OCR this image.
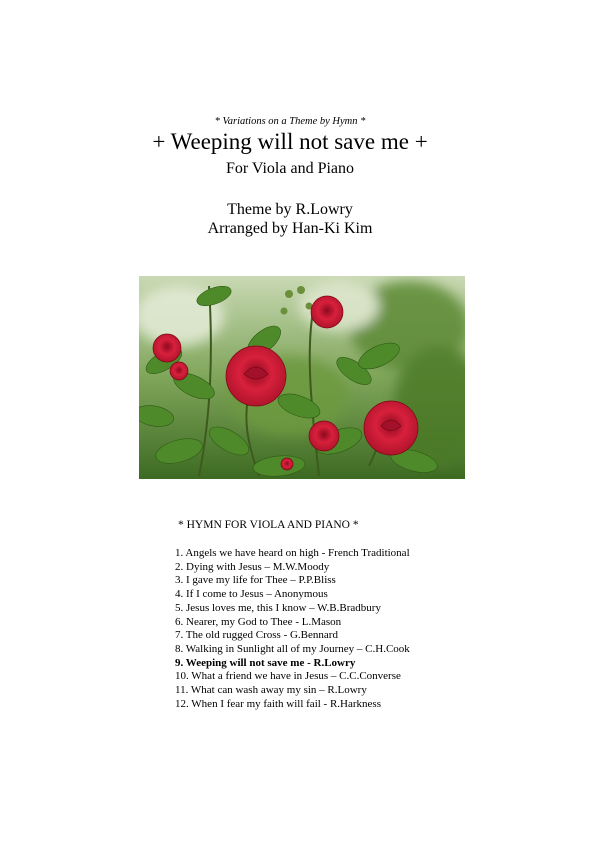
* Variations on a Theme by Hymn *
+ Weeping will not save me +
For Viola and Piano
Theme by R.Lowry
Arranged by Han-Ki Kim
* HYMN FOR VIOLA AND PIANO *
1. Angels we have heard on high - French Traditional
2. Dying with Jesus – M.W.Moody
3. I gave my life for Thee – P.P.Bliss
4. If I come to Jesus – Anonymous
5. Jesus loves me, this I know – W.B.Bradbury
6. Nearer, my God to Thee - L.Mason
7. The old rugged Cross - G.Bennard
8. Walking in Sunlight all of my Journey – C.H.Cook
9. Weeping will not save me - R.Lowry
10. What a friend we have in Jesus – C.C.Converse
11. What can wash away my sin – R.Lowry
12. When I fear my faith will fail - R.Harkness
